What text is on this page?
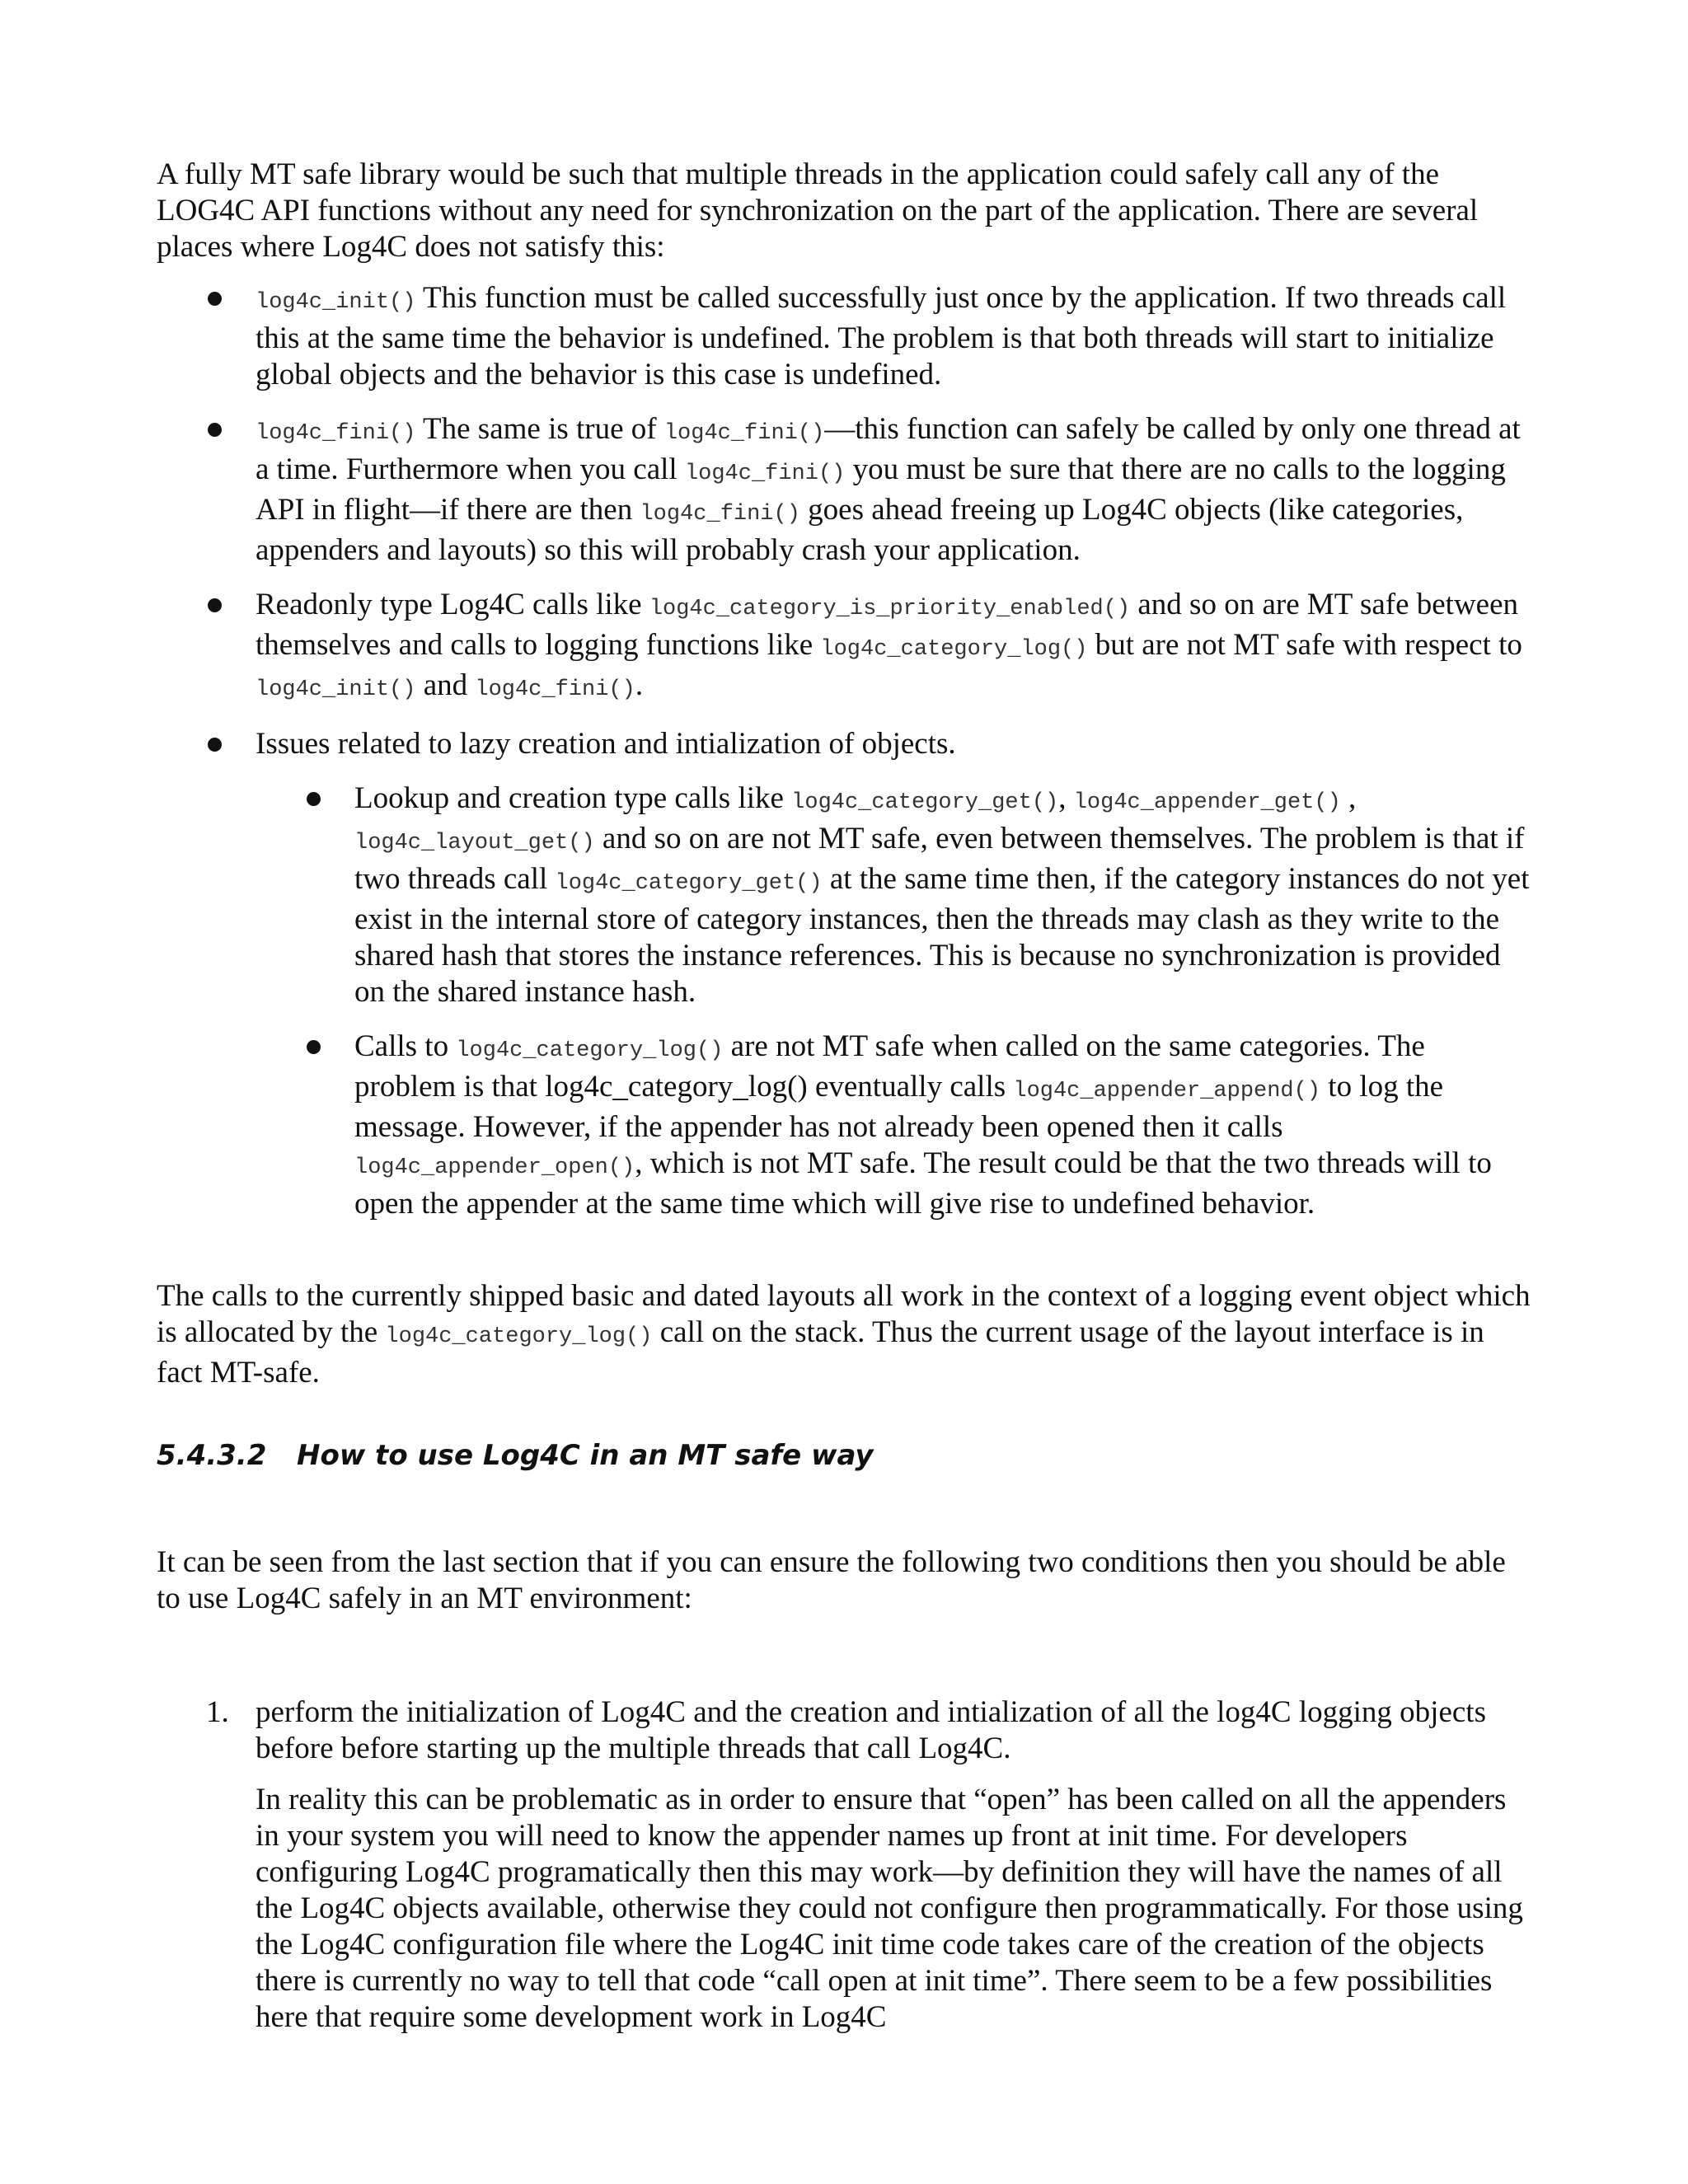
A fully MT safe library would be such that multiple threads in the application could safely call any of the LOG4C API functions without any need for synchronization on the part of the application. There are several places where Log4C does not satisfy this:

log4c_init() This function must be called successfully just once by the application. If two threads call this at the same time the behavior is undefined. The problem is that both threads will start to initialize global objects and the behavior is this case is undefined.
log4c_fini() The same is true of log4c_fini()—this function can safely be called by only one thread at a time. Furthermore when you call log4c_fini() you must be sure that there are no calls to the logging API in flight—if there are then log4c_fini() goes ahead freeing up Log4C objects (like categories, appenders and layouts) so this will probably crash your application.
Readonly type Log4C calls like log4c_category_is_priority_enabled() and so on are MT safe between themselves and calls to logging functions like log4c_category_log() but are not MT safe with respect to log4c_init() and log4c_fini().
Issues related to lazy creation and intialization of objects.
Lookup and creation type calls like log4c_category_get(), log4c_appender_get() , log4c_layout_get() and so on are not MT safe, even between themselves. The problem is that if two threads call log4c_category_get() at the same time then, if the category instances do not yet exist in the internal store of category instances, then the threads may clash as they write to the shared hash that stores the instance references. This is because no synchronization is provided on the shared instance hash.
Calls to log4c_category_log() are not MT safe when called on the same categories. The problem is that log4c_category_log() eventually calls log4c_appender_append() to log the message. However, if the appender has not already been opened then it calls log4c_appender_open(), which is not MT safe. The result could be that the two threads will to open the appender at the same time which will give rise to undefined behavior.

The calls to the currently shipped basic and dated layouts all work in the context of a logging event object which is allocated by the log4c_category_log() call on the stack. Thus the current usage of the layout interface is in fact MT-safe.

5.4.3.2 How to use Log4C in an MT safe way

It can be seen from the last section that if you can ensure the following two conditions then you should be able to use Log4C safely in an MT environment:

1. perform the initialization of Log4C and the creation and intialization of all the log4C logging objects before before starting up the multiple threads that call Log4C.

In reality this can be problematic as in order to ensure that “open” has been called on all the appenders in your system you will need to know the appender names up front at init time. For developers configuring Log4C programatically then this may work—by definition they will have the names of all the Log4C objects available, otherwise they could not configure then programmatically. For those using the Log4C configuration file where the Log4C init time code takes care of the creation of the objects there is currently no way to tell that code “call open at init time”. There seem to be a few possibilities here that require some development work in Log4C
